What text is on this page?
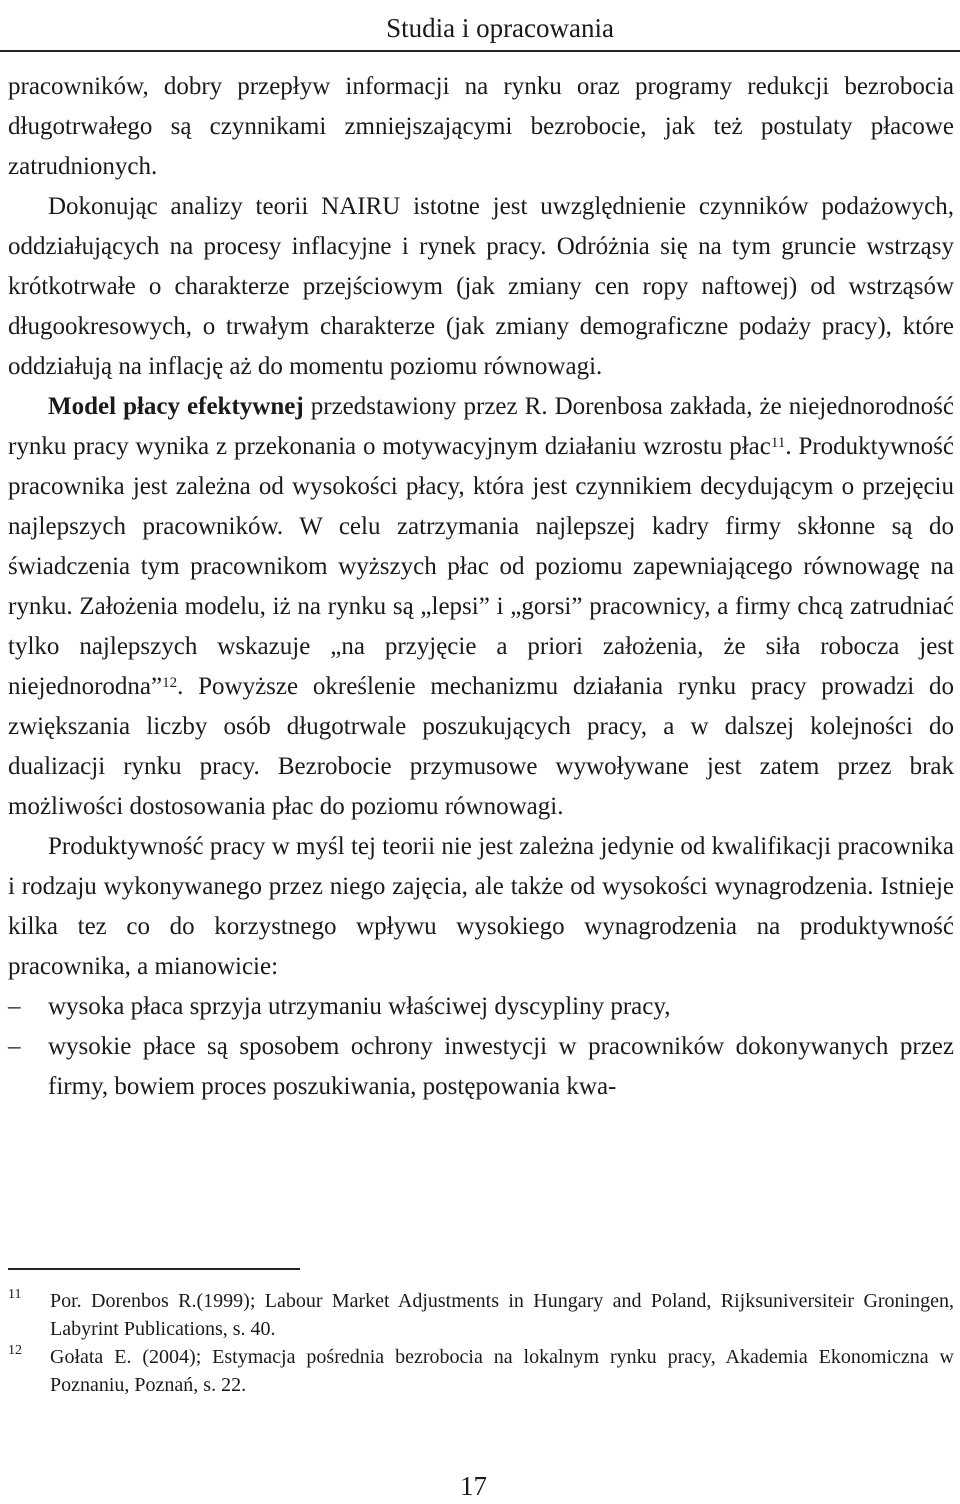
Studia i opracowania

pracowników, dobry przepływ informacji na rynku oraz programy redukcji bezrobocia długotrwałego są czynnikami zmniejszającymi bezrobocie, jak też postulaty płacowe zatrudnionych.

Dokonując analizy teorii NAIRU istotne jest uwzględnienie czynników podażowych, oddziałujących na procesy inflacyjne i rynek pracy. Odróżnia się na tym gruncie wstrząsy krótkotrwałe o charakterze przejściowym (jak zmiany cen ropy naftowej) od wstrząsów długookresowych, o trwałym charakterze (jak zmiany demograficzne podaży pracy), które oddziałują na inflację aż do momentu poziomu równowagi.

Model płacy efektywnej przedstawiony przez R. Dorenbosa zakłada, że niejednorodność rynku pracy wynika z przekonania o motywacyjnym działaniu wzrostu płac$^{11}$. Produktywność pracownika jest zależna od wysokości płacy, która jest czynnikiem decydującym o przejęciu najlepszych pracowników. W celu zatrzymania najlepszej kadry firmy skłonne są do świadczenia tym pracownikom wyższych płac od poziomu zapewniającego równowagę na rynku. Założenia modelu, iż na rynku są „lepsi” i „gorsi” pracownicy, a firmy chcą zatrudniać tylko najlepszych wskazuje „na przyjęcie a priori założenia, że siła robocza jest niejednorodna”$^{12}$. Powyższe określenie mechanizmu działania rynku pracy prowadzi do zwiększania liczby osób długotrwale poszukujących pracy, a w dalszej kolejności do dualizacji rynku pracy. Bezrobocie przymusowe wywoływane jest zatem przez brak możliwości dostosowania płac do poziomu równowagi.

Produktywność pracy w myśl tej teorii nie jest zależna jedynie od kwalifikacji pracownika i rodzaju wykonywanego przez niego zajęcia, ale także od wysokości wynagrodzenia. Istnieje kilka tez co do korzystnego wpływu wysokiego wynagrodzenia na produktywność pracownika, a mianowicie:

– wysoka płaca sprzyja utrzymaniu właściwej dyscypliny pracy,
– wysokie płace są sposobem ochrony inwestycji w pracowników dokonywanych przez firmy, bowiem proces poszukiwania, postępowania kwa-
11 Por. Dorenbos R.(1999); Labour Market Adjustments in Hungary and Poland, Rijksuniversiteir Groningen, Labyrint Publications, s. 40.
12 Gołata E. (2004); Estymacja pośrednia bezrobocia na lokalnym rynku pracy, Akademia Ekonomiczna w Poznaniu, Poznań, s. 22.
17
